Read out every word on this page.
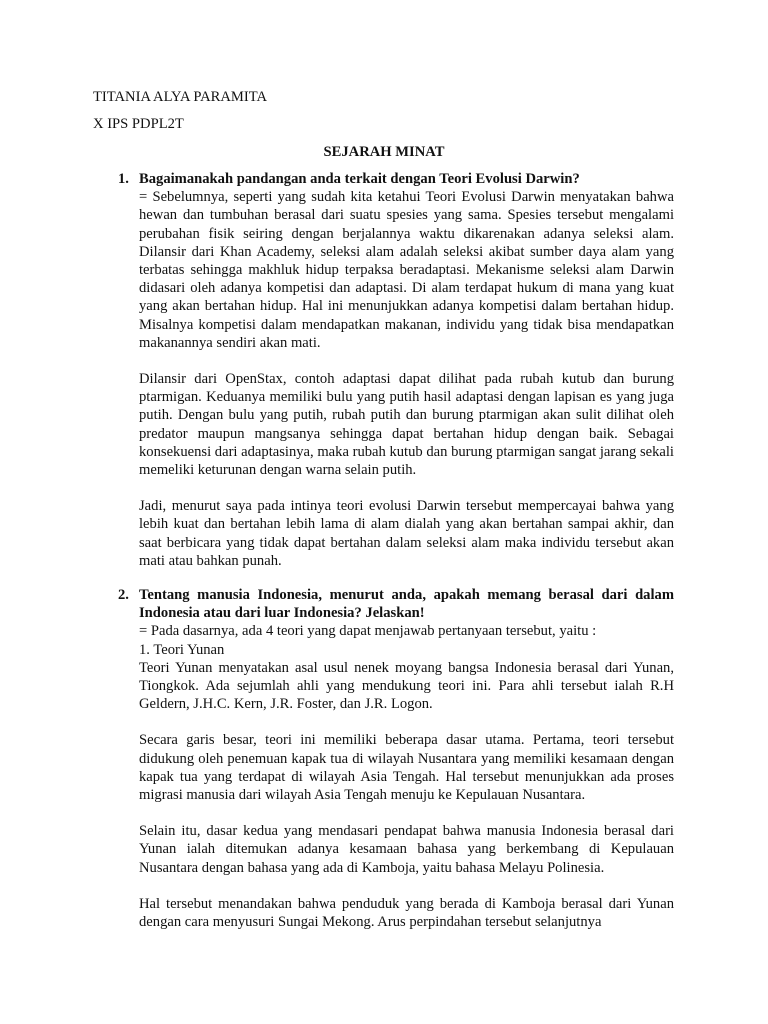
TITANIA ALYA PARAMITA
X IPS PDPL2T
SEJARAH MINAT
1. Bagaimanakah pandangan anda terkait dengan Teori Evolusi Darwin?

= Sebelumnya, seperti yang sudah kita ketahui Teori Evolusi Darwin menyatakan bahwa hewan dan tumbuhan berasal dari suatu spesies yang sama. Spesies tersebut mengalami perubahan fisik seiring dengan berjalannya waktu dikarenakan adanya seleksi alam. Dilansir dari Khan Academy, seleksi alam adalah seleksi akibat sumber daya alam yang terbatas sehingga makhluk hidup terpaksa beradaptasi. Mekanisme seleksi alam Darwin didasari oleh adanya kompetisi dan adaptasi. Di alam terdapat hukum di mana yang kuat yang akan bertahan hidup. Hal ini menunjukkan adanya kompetisi dalam bertahan hidup. Misalnya kompetisi dalam mendapatkan makanan, individu yang tidak bisa mendapatkan makanannya sendiri akan mati.

Dilansir dari OpenStax, contoh adaptasi dapat dilihat pada rubah kutub dan burung ptarmigan. Keduanya memiliki bulu yang putih hasil adaptasi dengan lapisan es yang juga putih. Dengan bulu yang putih, rubah putih dan burung ptarmigan akan sulit dilihat oleh predator maupun mangsanya sehingga dapat bertahan hidup dengan baik. Sebagai konsekuensi dari adaptasinya, maka rubah kutub dan burung ptarmigan sangat jarang sekali memeliki keturunan dengan warna selain putih.

Jadi, menurut saya pada intinya teori evolusi Darwin tersebut mempercayai bahwa yang lebih kuat dan bertahan lebih lama di alam dialah yang akan bertahan sampai akhir, dan saat berbicara yang tidak dapat bertahan dalam seleksi alam maka individu tersebut akan mati atau bahkan punah.

2. Tentang manusia Indonesia, menurut anda, apakah memang berasal dari dalam Indonesia atau dari luar Indonesia? Jelaskan!

= Pada dasarnya, ada 4 teori yang dapat menjawab pertanyaan tersebut, yaitu :

1. Teori Yunan

Teori Yunan menyatakan asal usul nenek moyang bangsa Indonesia berasal dari Yunan, Tiongkok. Ada sejumlah ahli yang mendukung teori ini. Para ahli tersebut ialah R.H Geldern, J.H.C. Kern, J.R. Foster, dan J.R. Logon.

Secara garis besar, teori ini memiliki beberapa dasar utama. Pertama, teori tersebut didukung oleh penemuan kapak tua di wilayah Nusantara yang memiliki kesamaan dengan kapak tua yang terdapat di wilayah Asia Tengah. Hal tersebut menunjukkan ada proses migrasi manusia dari wilayah Asia Tengah menuju ke Kepulauan Nusantara.

Selain itu, dasar kedua yang mendasari pendapat bahwa manusia Indonesia berasal dari Yunan ialah ditemukan adanya kesamaan bahasa yang berkembang di Kepulauan Nusantara dengan bahasa yang ada di Kamboja, yaitu bahasa Melayu Polinesia.

Hal tersebut menandakan bahwa penduduk yang berada di Kamboja berasal dari Yunan dengan cara menyusuri Sungai Mekong. Arus perpindahan tersebut selanjutnya
